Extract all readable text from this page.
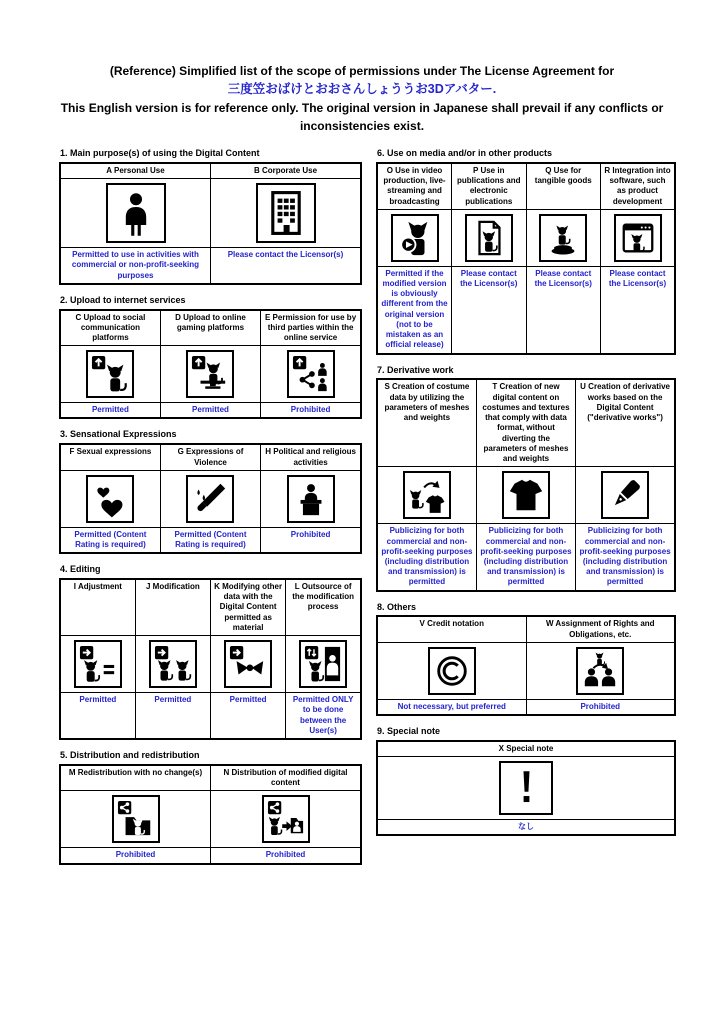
(Reference) Simplified list of the scope of permissions under The License Agreement for
三度笠おばけとおおさんしょううお3Dアバター.
This English version is for reference only. The original version in Japanese shall prevail if any conflicts or inconsistencies exist.
1. Main purpose(s) of using the Digital Content
A Personal Use	B Corporate Use

Permitted to use in activities with commercial or non-profit-seeking purposes	Please contact the Licensor(s)
2. Upload to internet services
C Upload to social communication platforms	D Upload to online gaming platforms	E Permission for use by third parties within the online service

Permitted	Permitted	Prohibited
3. Sensational Expressions
F Sexual expressions	G Expressions of Violence	H Political and religious activities

Permitted (Content Rating is required)	Permitted (Content Rating is required)	Prohibited
4. Editing
I Adjustment	J Modification	K Modifying other data with the Digital Content permitted as material	L Outsource of the modification process

Permitted	Permitted	Permitted	Permitted ONLY to be done between the User(s)
5. Distribution and redistribution
M Redistribution with no change(s)	N Distribution of modified digital content

Prohibited	Prohibited
6. Use on media and/or in other products
O Use in video production, live-streaming and broadcasting	P Use in publications and electronic publications	Q Use for tangible goods	R Integration into software, such as product development

Permitted if the modified version is obviously different from the original version (not to be mistaken as an official release)	Please contact the Licensor(s)	Please contact the Licensor(s)	Please contact the Licensor(s)
7. Derivative work
S Creation of costume data by utilizing the parameters of meshes and weights	T Creation of new digital content on costumes and textures that comply with data format, without diverting the parameters of meshes and weights	U Creation of derivative works based on the Digital Content ("derivative works")

Publicizing for both commercial and non-profit-seeking purposes (including distribution and transmission) is permitted	Publicizing for both commercial and non-profit-seeking purposes (including distribution and transmission) is permitted	Publicizing for both commercial and non-profit-seeking purposes (including distribution and transmission) is permitted
8. Others
V Credit notation	W Assignment of Rights and Obligations, etc.

Not necessary, but preferred	Prohibited
9. Special note
X Special note

なし
